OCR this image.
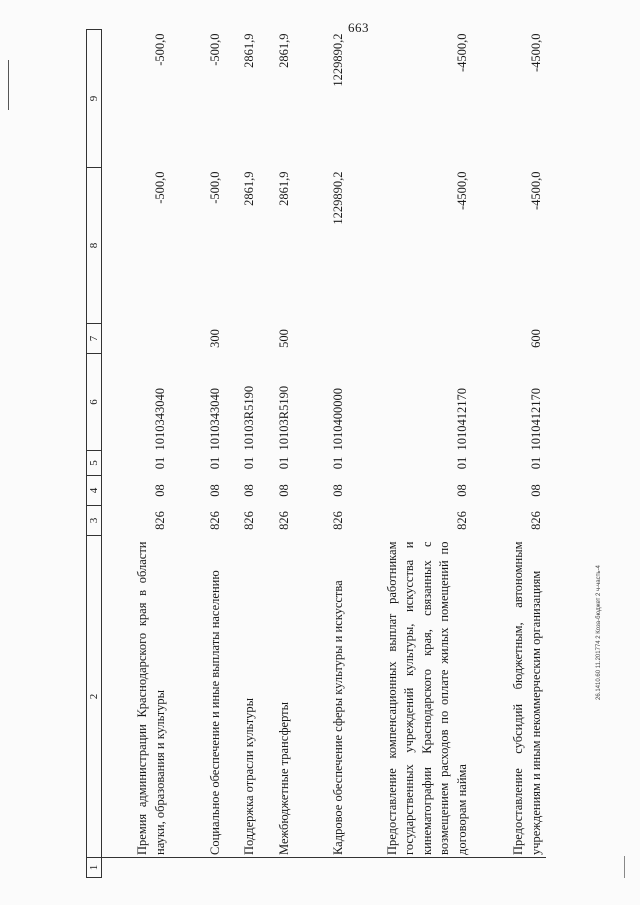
663
26.1410.60 11.201774 2 Коза-бюджет 2 ч-часть-4
1	2	3	4	5	6	7	8	9
	Премия администрации Краснодарского края в области науки, образования и культуры	826	08	01	1010343040		-500,0	-500,0
	Социальное обеспечение и иные выплаты населению	826	08	01	1010343040	300	-500,0	-500,0
	Поддержка отрасли культуры	826	08	01	10103R5190		2861,9	2861,9
	Межбюджетные трансферты	826	08	01	10103R5190	500	2861,9	2861,9
	Кадровое обеспечение сферы культуры и искусства	826	08	01	1010400000		1229890,2	1229890,2
	Предоставление компенсационных выплат работникам государственных учреждений культуры, искусства и кинематографии Краснодарского края, связанных с возмещением расходов по оплате жилых помещений по договорам найма	826	08	01	1010412170		-4500,0	-4500,0
	Предоставление субсидий бюджетным, автономным учреждениям и иным некоммерческим организациям	826	08	01	1010412170	600	-4500,0	-4500,0
